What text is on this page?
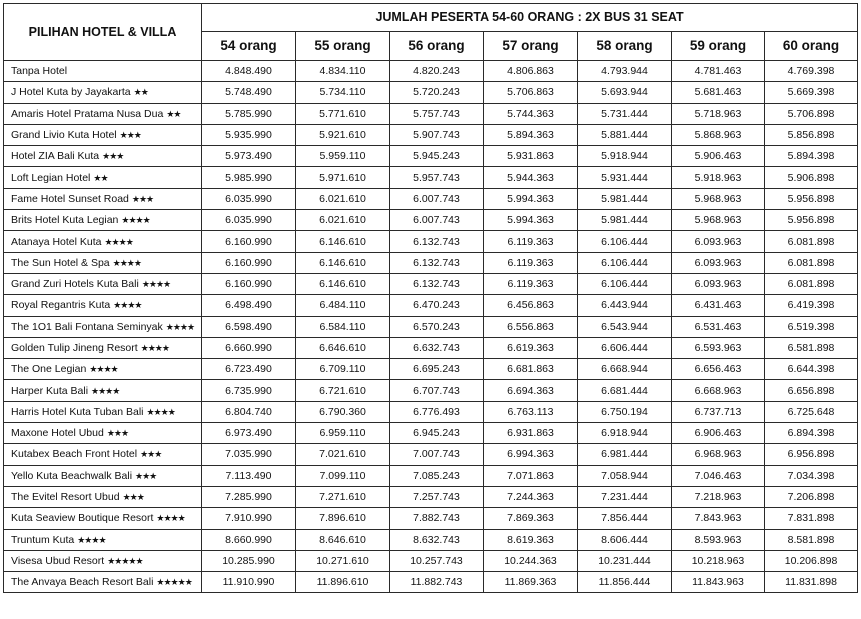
PILIHAN HOTEL & VILLA	JUMLAH PESERTA 54-60 ORANG : 2X BUS 31 SEAT						
	54 orang	55 orang	56 orang	57 orang	58 orang	59 orang	60 orang
Tanpa Hotel	4.848.490	4.834.110	4.820.243	4.806.863	4.793.944	4.781.463	4.769.398
J Hotel Kuta by Jayakarta ★★	5.748.490	5.734.110	5.720.243	5.706.863	5.693.944	5.681.463	5.669.398
Amaris Hotel Pratama Nusa Dua ★★	5.785.990	5.771.610	5.757.743	5.744.363	5.731.444	5.718.963	5.706.898
Grand Livio Kuta Hotel ★★★	5.935.990	5.921.610	5.907.743	5.894.363	5.881.444	5.868.963	5.856.898
Hotel ZIA Bali Kuta ★★★	5.973.490	5.959.110	5.945.243	5.931.863	5.918.944	5.906.463	5.894.398
Loft Legian Hotel ★★	5.985.990	5.971.610	5.957.743	5.944.363	5.931.444	5.918.963	5.906.898
Fame Hotel Sunset Road ★★★	6.035.990	6.021.610	6.007.743	5.994.363	5.981.444	5.968.963	5.956.898
Brits Hotel Kuta Legian ★★★★	6.035.990	6.021.610	6.007.743	5.994.363	5.981.444	5.968.963	5.956.898
Atanaya Hotel Kuta ★★★★	6.160.990	6.146.610	6.132.743	6.119.363	6.106.444	6.093.963	6.081.898
The Sun Hotel & Spa ★★★★	6.160.990	6.146.610	6.132.743	6.119.363	6.106.444	6.093.963	6.081.898
Grand Zuri Hotels Kuta Bali ★★★★	6.160.990	6.146.610	6.132.743	6.119.363	6.106.444	6.093.963	6.081.898
Royal Regantris Kuta ★★★★	6.498.490	6.484.110	6.470.243	6.456.863	6.443.944	6.431.463	6.419.398
The 1O1 Bali Fontana Seminyak ★★★★	6.598.490	6.584.110	6.570.243	6.556.863	6.543.944	6.531.463	6.519.398
Golden Tulip Jineng Resort ★★★★	6.660.990	6.646.610	6.632.743	6.619.363	6.606.444	6.593.963	6.581.898
The One Legian ★★★★	6.723.490	6.709.110	6.695.243	6.681.863	6.668.944	6.656.463	6.644.398
Harper Kuta Bali ★★★★	6.735.990	6.721.610	6.707.743	6.694.363	6.681.444	6.668.963	6.656.898
Harris Hotel Kuta Tuban Bali ★★★★	6.804.740	6.790.360	6.776.493	6.763.113	6.750.194	6.737.713	6.725.648
Maxone Hotel Ubud ★★★	6.973.490	6.959.110	6.945.243	6.931.863	6.918.944	6.906.463	6.894.398
Kutabex Beach Front Hotel ★★★	7.035.990	7.021.610	7.007.743	6.994.363	6.981.444	6.968.963	6.956.898
Yello Kuta Beachwalk Bali ★★★	7.113.490	7.099.110	7.085.243	7.071.863	7.058.944	7.046.463	7.034.398
The Evitel Resort Ubud ★★★	7.285.990	7.271.610	7.257.743	7.244.363	7.231.444	7.218.963	7.206.898
Kuta Seaview Boutique Resort ★★★★	7.910.990	7.896.610	7.882.743	7.869.363	7.856.444	7.843.963	7.831.898
Truntum Kuta ★★★★	8.660.990	8.646.610	8.632.743	8.619.363	8.606.444	8.593.963	8.581.898
Visesa Ubud Resort ★★★★★	10.285.990	10.271.610	10.257.743	10.244.363	10.231.444	10.218.963	10.206.898
The Anvaya Beach Resort Bali ★★★★★	11.910.990	11.896.610	11.882.743	11.869.363	11.856.444	11.843.963	11.831.898
